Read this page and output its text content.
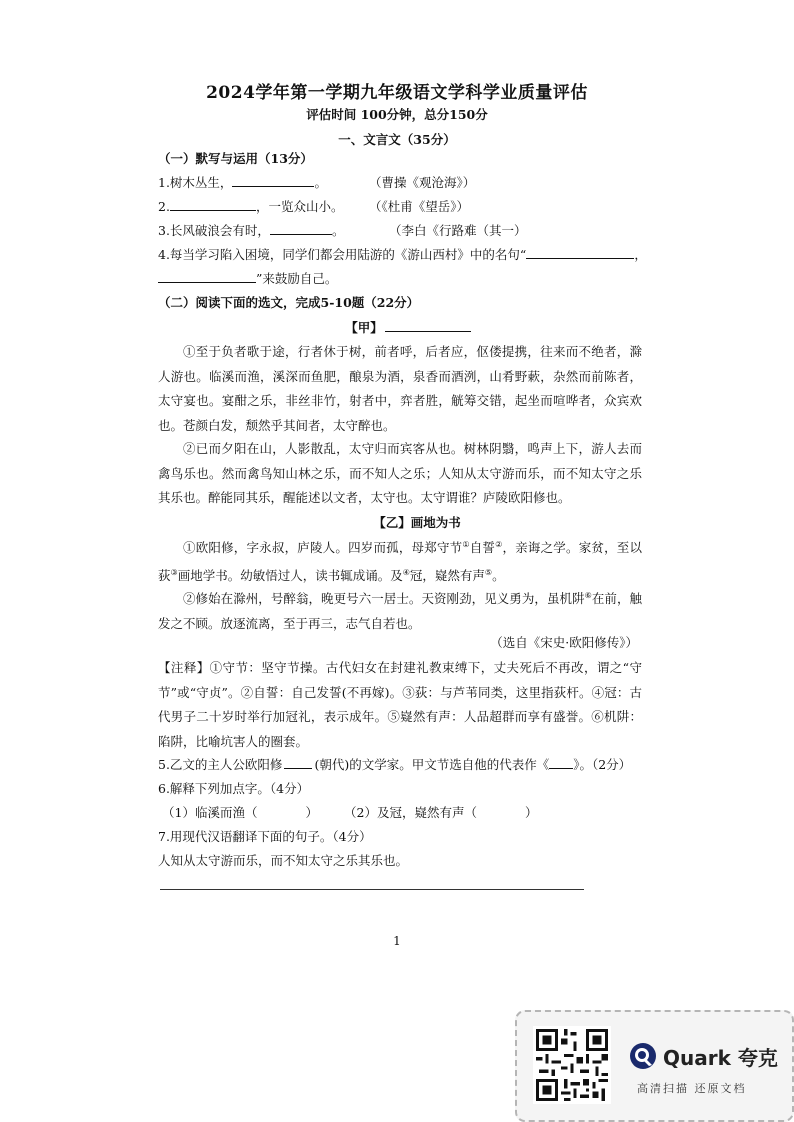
2024学年第一学期九年级语文学科学业质量评估
评估时间 100分钟，总分150分
一、文言文（35分）
（一）默写与运用（13分）
1.树木丛生，	。	（曹操《观沧海》）
2.	，一览众山小。 （《杜甫《望岳》）
3.长风破浪会有时，	。	（李白《行路难（其一）
4.每当学习陷入困境，同学们都会用陆游的《游山西村》中的名句“	，
”来鼓励自己。
（二）阅读下面的选文，完成5-10题（22分）
【甲】
①至于负者歌于途，行者休于树，前者呼，后者应，伛偻提携，往来而不绝者，滁人游也。临溪而渔，溪深而鱼肥，酿泉为酒，泉香而酒洌，山肴野蔌，杂然而前陈者，太守宴也。宴酣之乐，非丝非竹，射者中，弈者胜，觥筹交错，起坐而喧哗者，众宾欢也。苍颜白发，颓然乎其间者，太守醉也。
②已而夕阳在山，人影散乱，太守归而宾客从也。树林阴翳，鸣声上下，游人去而禽鸟乐也。然而禽鸟知山林之乐，而不知人之乐；人知从太守游而乐，而不知太守之乐其乐也。醉能同其乐，醒能述以文者，太守也。太守谓谁？庐陵欧阳修也。
【乙】画地为书
①欧阳修，字永叔，庐陵人。四岁而孤，母郑守节①自誓②，亲诲之学。家贫，至以荻③画地学书。幼敏悟过人，读书辄成诵。及④冠，嶷然有声⑤。
②修始在滁州，号醉翁，晚更号六一居士。天资刚劲，见义勇为，虽机阱⑥在前，触发之不顾。放逐流离，至于再三，志气自若也。
（选自《宋史·欧阳修传》）
【注释】①守节：坚守节操。古代妇女在封建礼教束缚下，丈夫死后不再改，谓之“守节”或“守贞”。②自誓：自己发誓(不再嫁)。③荻：与芦苇同类，这里指荻杆。④冠：古代男子二十岁时举行加冠礼，表示成年。⑤嶷然有声：人品超群而享有盛誉。⑥机阱：陷阱，比喻坑害人的圈套。
5.乙文的主人公欧阳修	(朝代)的文学家。甲文节选自他的代表作《 》。（2分）
6.解释下列加点字。（4分）
（1）临溪而渔（	） （2）及冠，嶷然有声（	）
7.用现代汉语翻译下面的句子。（4分）
人知从太守游而乐，而不知太守之乐其乐也。
1
Quark 夸克
高清扫描 还原文档
